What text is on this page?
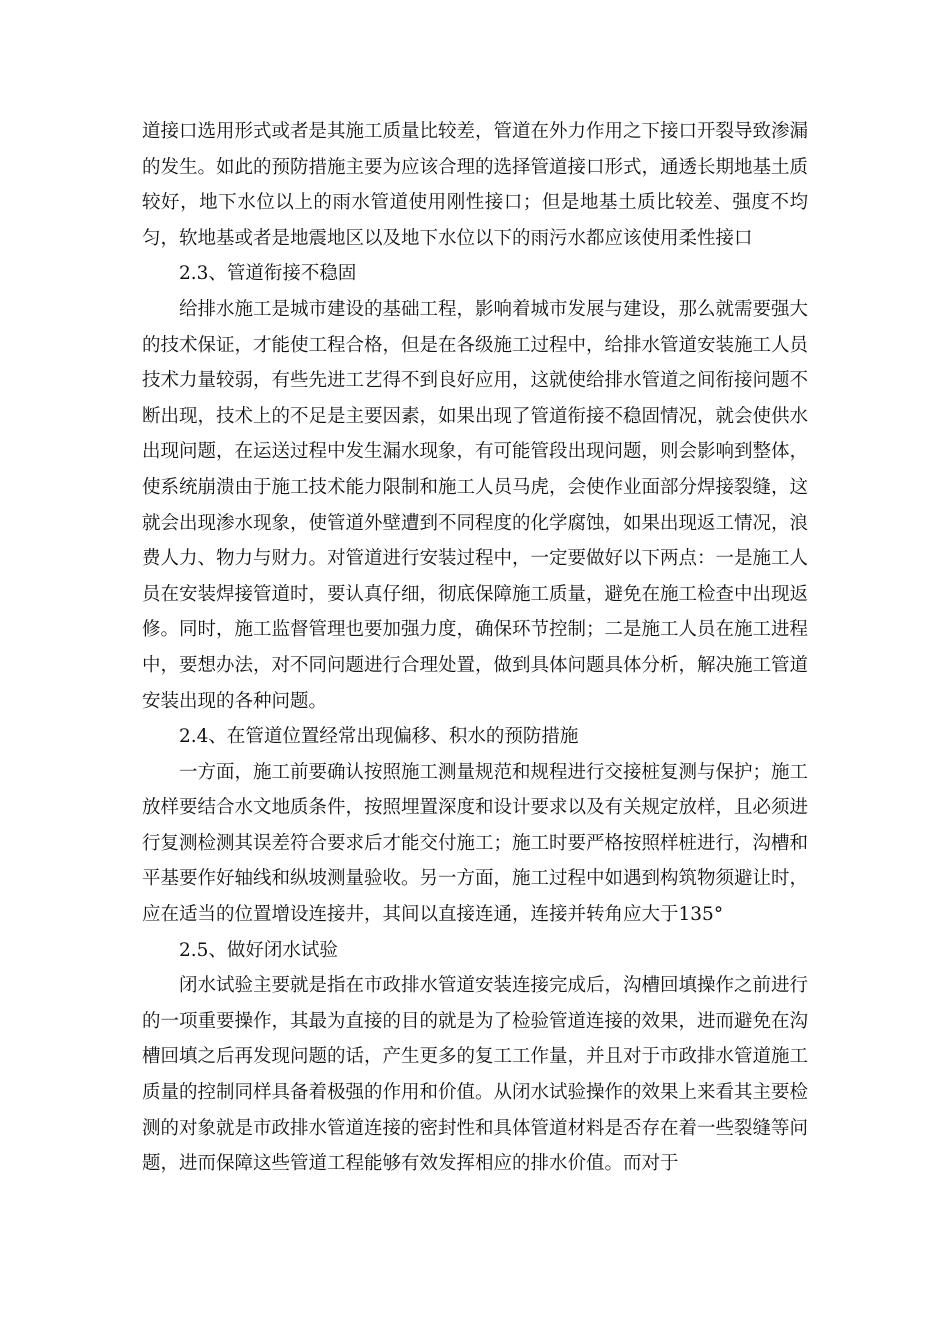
道接口选用形式或者是其施工质量比较差，管道在外力作用之下接口开裂导致渗漏的发生。如此的预防措施主要为应该合理的选择管道接口形式，通透长期地基土质较好，地下水位以上的雨水管道使用刚性接口；但是地基土质比较差、强度不均匀，软地基或者是地震地区以及地下水位以下的雨污水都应该使用柔性接口

2.3、管道衔接不稳固

给排水施工是城市建设的基础工程，影响着城市发展与建设，那么就需要强大的技术保证，才能使工程合格，但是在各级施工过程中，给排水管道安装施工人员技术力量较弱，有些先进工艺得不到良好应用，这就使给排水管道之间衔接问题不断出现，技术上的不足是主要因素，如果出现了管道衔接不稳固情况，就会使供水出现问题，在运送过程中发生漏水现象，有可能管段出现问题，则会影响到整体，使系统崩溃由于施工技术能力限制和施工人员马虎，会使作业面部分焊接裂缝，这就会出现渗水现象，使管道外壁遭到不同程度的化学腐蚀，如果出现返工情况，浪费人力、物力与财力。对管道进行安装过程中，一定要做好以下两点：一是施工人员在安装焊接管道时，要认真仔细，彻底保障施工质量，避免在施工检查中出现返修。同时，施工监督管理也要加强力度，确保环节控制；二是施工人员在施工进程中，要想办法，对不同问题进行合理处置，做到具体问题具体分析，解决施工管道安装出现的各种问题。

2.4、在管道位置经常出现偏移、积水的预防措施

一方面，施工前要确认按照施工测量规范和规程进行交接桩复测与保护；施工放样要结合水文地质条件，按照埋置深度和设计要求以及有关规定放样，且必须进行复测检测其误差符合要求后才能交付施工；施工时要严格按照样桩进行，沟槽和平基要作好轴线和纵坡测量验收。另一方面，施工过程中如遇到构筑物须避让时，应在适当的位置增设连接井，其间以直接连通，连接并转角应大于135°

2.5、做好闭水试验

闭水试验主要就是指在市政排水管道安装连接完成后，沟槽回填操作之前进行的一项重要操作，其最为直接的目的就是为了检验管道连接的效果，进而避免在沟槽回填之后再发现问题的话，产生更多的复工工作量，并且对于市政排水管道施工质量的控制同样具备着极强的作用和价值。从闭水试验操作的效果上来看其主要检测的对象就是市政排水管道连接的密封性和具体管道材料是否存在着一些裂缝等问题，进而保障这些管道工程能够有效发挥相应的排水价值。而对于
